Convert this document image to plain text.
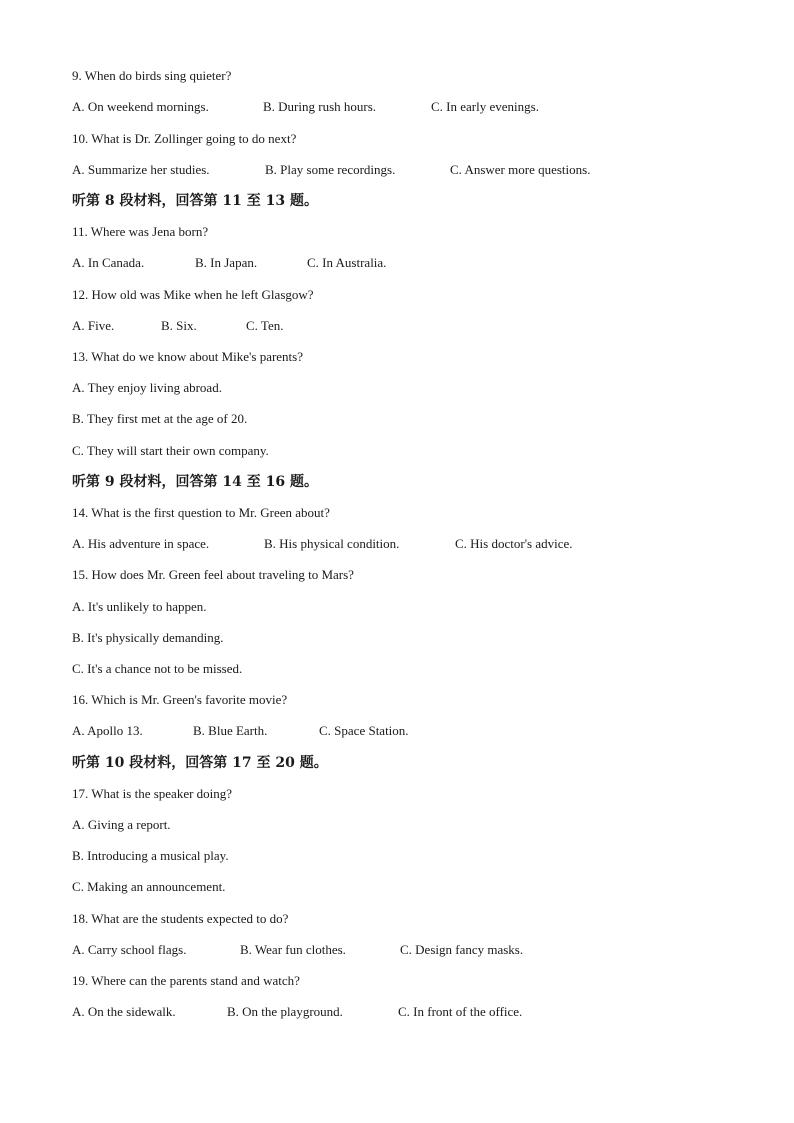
9. When do birds sing quieter?
A. On weekend mornings.	B. During rush hours.	C. In early evenings.
10. What is Dr. Zollinger going to do next?
A. Summarize her studies.	B. Play some recordings.	C. Answer more questions.
听第 8 段材料，回答第 11 至 13 题。
11. Where was Jena born?
A. In Canada.	B. In Japan.	C. In Australia.
12. How old was Mike when he left Glasgow?
A. Five.	B. Six.	C. Ten.
13. What do we know about Mike's parents?
A. They enjoy living abroad.
B. They first met at the age of 20.
C. They will start their own company.
听第 9 段材料，回答第 14 至 16 题。
14. What is the first question to Mr. Green about?
A. His adventure in space.	B. His physical condition.	C. His doctor's advice.
15. How does Mr. Green feel about traveling to Mars?
A. It's unlikely to happen.
B. It's physically demanding.
C. It's a chance not to be missed.
16. Which is Mr. Green's favorite movie?
A. Apollo 13.	B. Blue Earth.	C. Space Station.
听第 10 段材料，回答第 17 至 20 题。
17. What is the speaker doing?
A. Giving a report.
B. Introducing a musical play.
C. Making an announcement.
18. What are the students expected to do?
A. Carry school flags.	B. Wear fun clothes.	C. Design fancy masks.
19. Where can the parents stand and watch?
A. On the sidewalk.	B. On the playground.	C. In front of the office.
